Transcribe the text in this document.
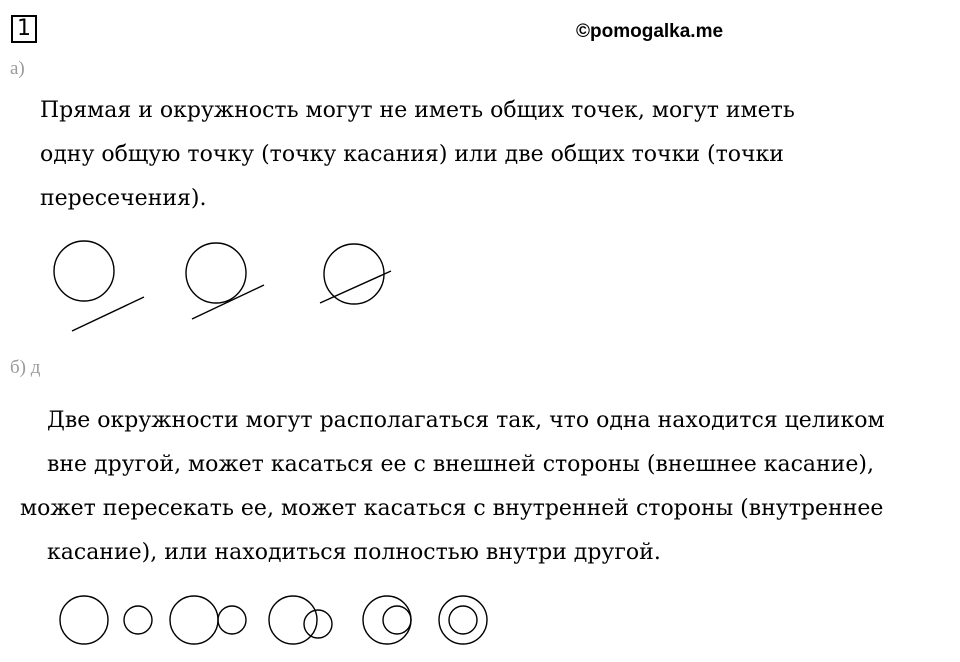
1	©pomogalka.me
а)
Прямая и окружность могут не иметь общих точек, могут иметь
одну общую точку (точку касания) или две общих точки (точки
пересечения).
б) д
Две окружности могут располагаться так, что одна находится целиком
вне другой, может касаться ее с внешней стороны (внешнее касание),
может пересекать ее, может касаться с внутренней стороны (внутреннее
касание), или находиться полностью внутри другой.
